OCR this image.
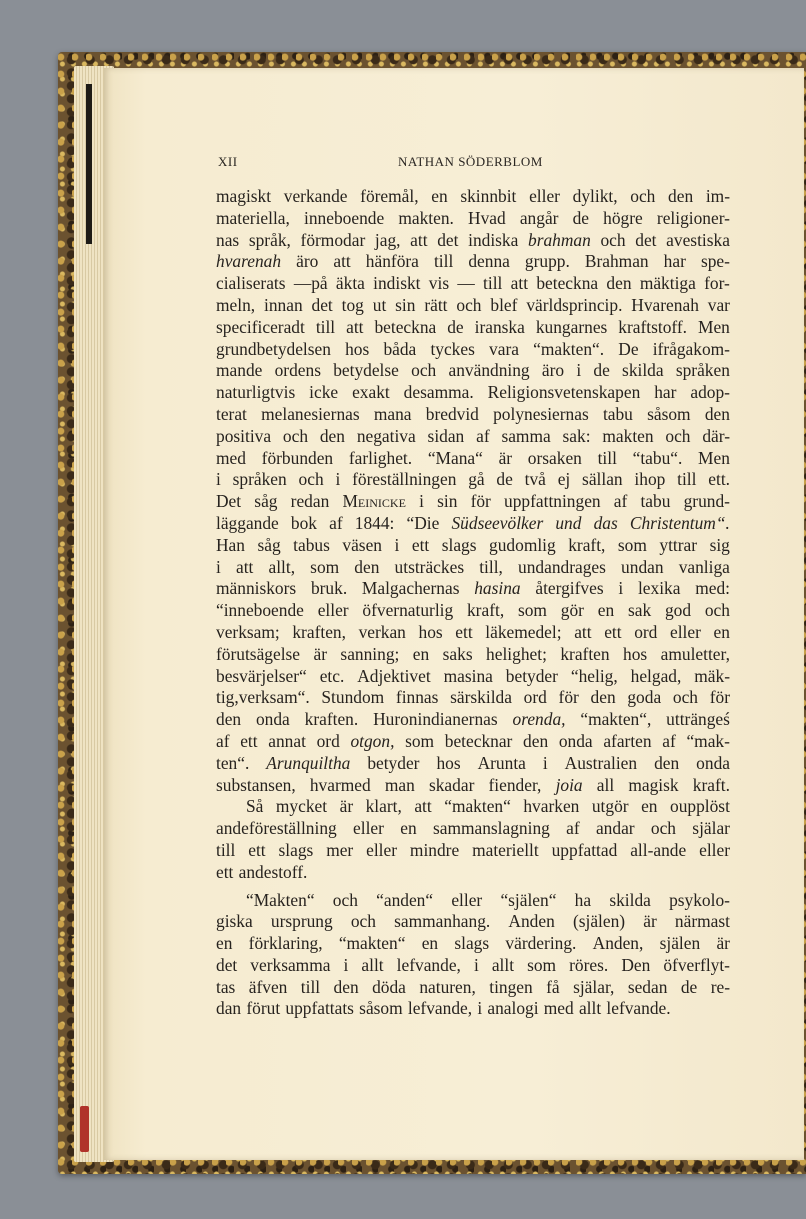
XII	NATHAN SÖDERBLOM
magiskt verkande föremål, en skinnbit eller dylikt, och den im-
materiella, inneboende makten. Hvad angår de högre religioner-
nas språk, förmodar jag, att det indiska brahman och det avestiska
hvarenah äro att hänföra till denna grupp. Brahman har spe-
cialiserats —på äkta indiskt vis — till att beteckna den mäktiga for-
meln, innan det tog ut sin rätt och blef världsprincip. Hvarenah var
specificeradt till att beteckna de iranska kungarnes kraftstoff. Men
grundbetydelsen hos båda tyckes vara “makten“. De ifrågakom-
mande ordens betydelse och användning äro i de skilda språken
naturligtvis icke exakt desamma. Religionsvetenskapen har adop-
terat melanesiernas mana bredvid polynesiernas tabu såsom den
positiva och den negativa sidan af samma sak: makten och där-
med förbunden farlighet. “Mana“ är orsaken till “tabu“. Men
i språken och i föreställningen gå de två ej sällan ihop till ett.
Det såg redan Meinicke i sin för uppfattningen af tabu grund-
läggande bok af 1844: “Die Südseevölker und das Christentum“.
Han såg tabus väsen i ett slags gudomlig kraft, som yttrar sig
i att allt, som den utsträckes till, undandrages undan vanliga
människors bruk. Malgachernas hasina återgifves i lexika med:
“inneboende eller öfvernaturlig kraft, som gör en sak god och
verksam; kraften, verkan hos ett läkemedel; att ett ord eller en
förutsägelse är sanning; en saks helighet; kraften hos amuletter,
besvärjelser“ etc. Adjektivet masina betyder “helig, helgad, mäk-
tig,verksam“. Stundom finnas särskilda ord för den goda och för
den onda kraften. Huronindianernas orenda, “makten“, utträngeś
af ett annat ord otgon, som betecknar den onda afarten af “mak-
ten“. Arunquiltha betyder hos Arunta i Australien den onda
substansen, hvarmed man skadar fiender, joia all magisk kraft.
Så mycket är klart, att “makten“ hvarken utgör en oupplöst
andeföreställning eller en sammanslagning af andar och själar
till ett slags mer eller mindre materiellt uppfattad all-ande eller
ett andestoff.
“Makten“ och “anden“ eller “själen“ ha skilda psykolo-
giska ursprung och sammanhang. Anden (själen) är närmast
en förklaring, “makten“ en slags värdering. Anden, själen är
det verksamma i allt lefvande, i allt som röres. Den öfverflyt-
tas äfven till den döda naturen, tingen få själar, sedan de re-
dan förut uppfattats såsom lefvande, i analogi med allt lefvande.
